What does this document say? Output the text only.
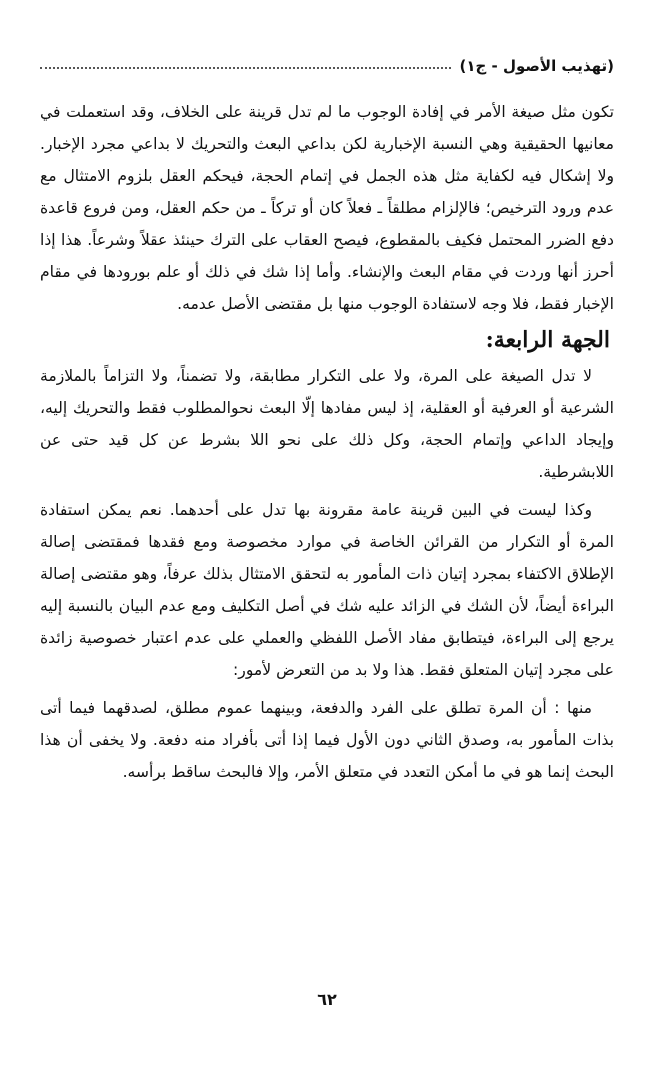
(تهذيب الأصول - ج١)

تكون مثل صيغة الأمر في إفادة الوجوب ما لم تدل قرينة على الخلاف، وقد استعملت في معانيها الحقيقية وهي النسبة الإخبارية لكن بداعي البعث والتحريك لا بداعي مجرد الإخبار. ولا إشكال فيه لكفاية مثل هذه الجمل في إتمام الحجة، فيحكم العقل بلزوم الامتثال مع عدم ورود الترخيص؛ فالإلزام مطلقاً ـ فعلاً كان أو تركاً ـ من حكم العقل، ومن فروع قاعدة دفع الضرر المحتمل فكيف بالمقطوع، فيصح العقاب على الترك حينئذ عقلاً وشرعاً. هذا إذا أحرز أنها وردت في مقام البعث والإنشاء. وأما إذا شك في ذلك أو علم بورودها في مقام الإخبار فقط، فلا وجه لاستفادة الوجوب منها بل مقتضى الأصل عدمه.

الجهة الرابعة:

لا تدل الصيغة على المرة، ولا على التكرار مطابقة، ولا تضمناً، ولا التزاماً بالملازمة الشرعية أو العرفية أو العقلية، إذ ليس مفادها إلّا البعث نحوالمطلوب فقط والتحريك إليه، وإيجاد الداعي وإتمام الحجة، وكل ذلك على نحو اللا بشرط عن كل قيد حتى عن اللابشرطية.

وكذا ليست في البين قرينة عامة مقرونة بها تدل على أحدهما. نعم يمكن استفادة المرة أو التكرار من القرائن الخاصة في موارد مخصوصة ومع فقدها فمقتضى إصالة الإطلاق الاكتفاء بمجرد إتيان ذات المأمور به لتحقق الامتثال بذلك عرفاً، وهو مقتضى إصالة البراءة أيضاً، لأن الشك في الزائد عليه شك في أصل التكليف ومع عدم البيان بالنسبة إليه يرجع إلى البراءة، فيتطابق مفاد الأصل اللفظي والعملي على عدم اعتبار خصوصية زائدة على مجرد إتيان المتعلق فقط. هذا ولا بد من التعرض لأمور:

منها : أن المرة تطلق على الفرد والدفعة، وبينهما عموم مطلق، لصدقهما فيما أتى بذات المأمور به، وصدق الثاني دون الأول فيما إذا أتى بأفراد منه دفعة. ولا يخفى أن هذا البحث إنما هو في ما أمكن التعدد في متعلق الأمر، وإلا فالبحث ساقط برأسه.

٦٢
